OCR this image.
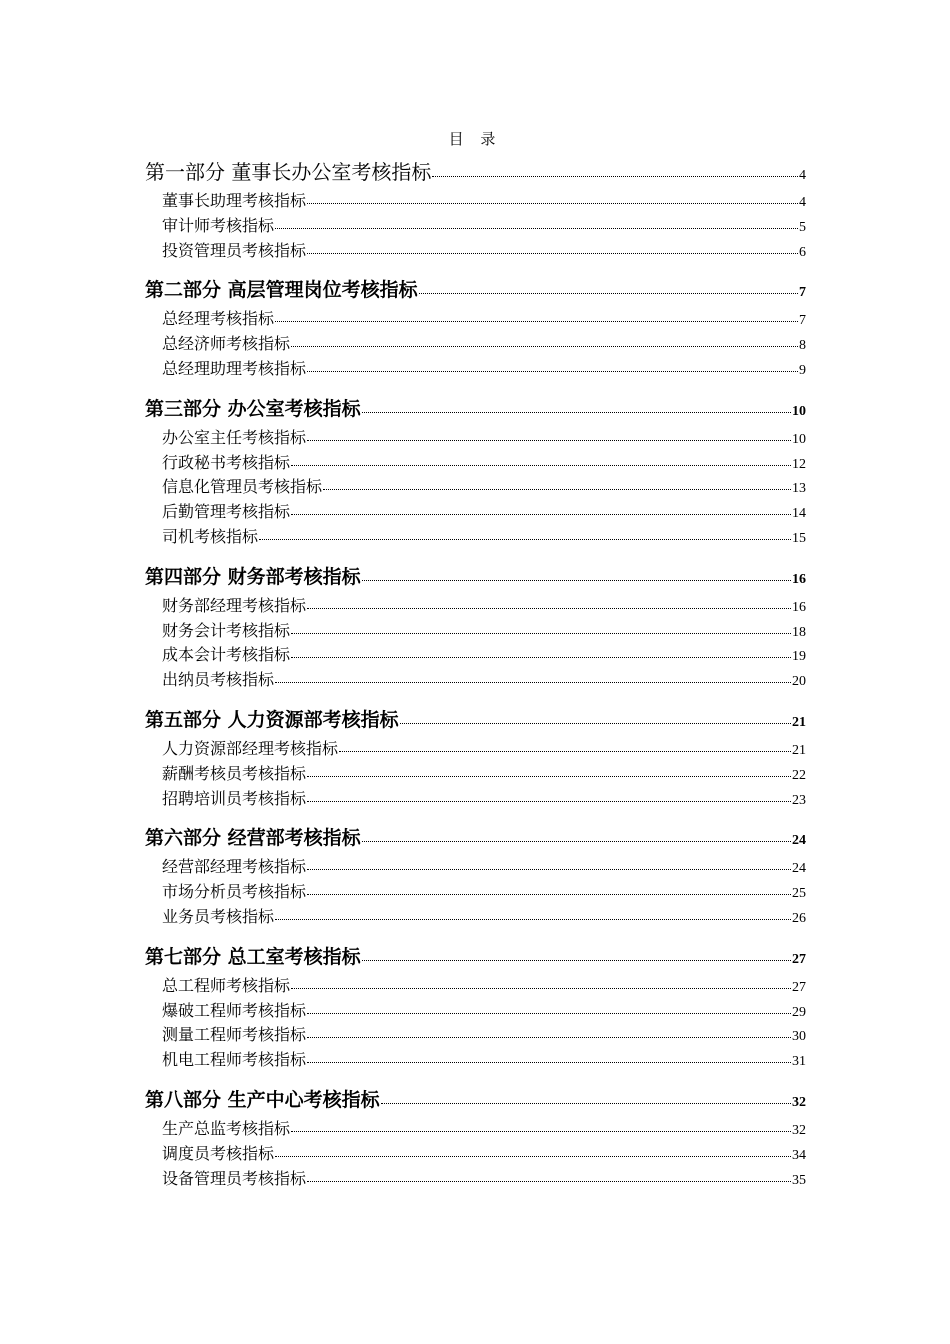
目 录
第一部分 董事长办公室考核指标	4
董事长助理考核指标	4
审计师考核指标	5
投资管理员考核指标	6
第二部分 高层管理岗位考核指标	7
总经理考核指标	7
总经济师考核指标	8
总经理助理考核指标	9
第三部分 办公室考核指标	10
办公室主任考核指标	10
行政秘书考核指标	12
信息化管理员考核指标	13
后勤管理考核指标	14
司机考核指标	15
第四部分 财务部考核指标	16
财务部经理考核指标	16
财务会计考核指标	18
成本会计考核指标	19
出纳员考核指标	20
第五部分 人力资源部考核指标	21
人力资源部经理考核指标	21
薪酬考核员考核指标	22
招聘培训员考核指标	23
第六部分 经营部考核指标	24
经营部经理考核指标	24
市场分析员考核指标	25
业务员考核指标	26
第七部分 总工室考核指标	27
总工程师考核指标	27
爆破工程师考核指标	29
测量工程师考核指标	30
机电工程师考核指标	31
第八部分 生产中心考核指标	32
生产总监考核指标	32
调度员考核指标	34
设备管理员考核指标	35
